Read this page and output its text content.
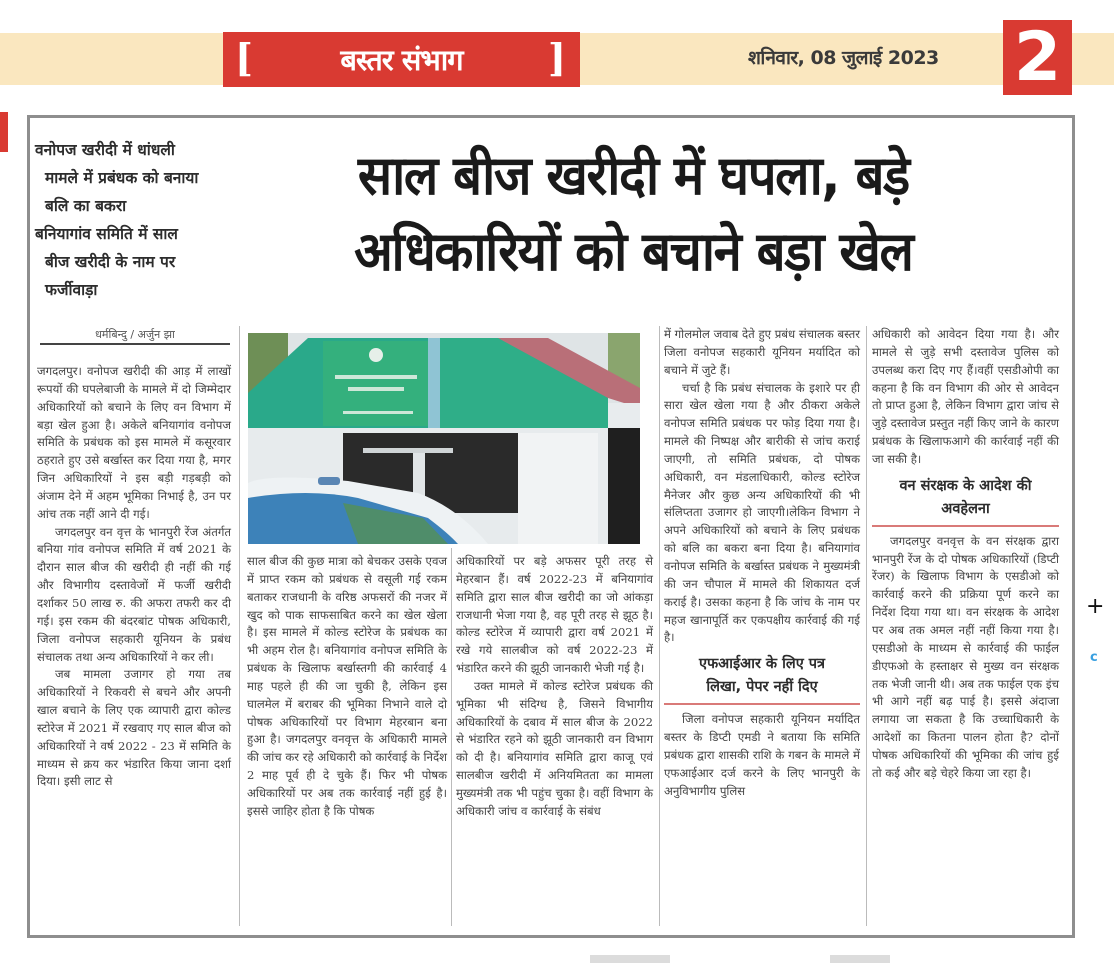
[	बस्तर संभाग	]	शनिवार, 08 जुलाई 2023 2

वनोपज खरीदी में धांधली
मामले में प्रबंधक को बनाया
बलि का बकरा

बनियागांव समिति में साल
बीज खरीदी के नाम पर
फर्जीवाड़ा

साल बीज खरीदी में घपला, बड़े
अधिकारियों को बचाने बड़ा खेल
धर्मबिन्दु / अर्जुन झा

जगदलपुर। वनोपज खरीदी की आड़ में लाखों रूपयों की घपलेबाजी के मामले में दो जिम्मेदार अधिकारियों को बचाने के लिए वन विभाग में बड़ा खेल हुआ है। अकेले बनियागांव वनोपज समिति के प्रबंधक को इस मामले में कसूरवार ठहराते हुए उसे बर्खास्त कर दिया गया है, मगर जिन अधिकारियों ने इस बड़ी गड़बड़ी को अंजाम देने में अहम भूमिका निभाई है, उन पर आंच तक नहीं आने दी गई।

जगदलपुर वन वृत्त के भानपुरी रेंज अंतर्गत बनिया गांव वनोपज समिति में वर्ष 2021 के दौरान साल बीज की खरीदी ही नहीं की गई और विभागीय दस्तावेजों में फर्जी खरीदी दर्शाकर 50 लाख रु. की अफरा तफरी कर दी गई। इस रकम की बंदरबांट पोषक अधिकारी, जिला वनोपज सहकारी यूनियन के प्रबंध संचालक तथा अन्य अधिकारियों ने कर ली।

जब मामला उजागर हो गया तब अधिकारियों ने रिकवरी से बचने और अपनी खाल बचाने के लिए एक व्यापारी द्वारा कोल्ड स्टोरेज में 2021 में रखवाए गए साल बीज को अधिकारियों ने वर्ष 2022 - 23 में समिति के माध्यम से क्रय कर भंडारित किया जाना दर्शा दिया। इसी लाट से

साल बीज की कुछ मात्रा को बेचकर उसके एवज में प्राप्त रकम को प्रबंधक से वसूली गई रकम बताकर राजधानी के वरिष्ठ अफसरों की नजर में खुद को पाक साफसाबित करने का खेल खेला है। इस मामले में कोल्ड स्टोरेज के प्रबंधक का भी अहम रोल है। बनियागांव वनोपज समिति के प्रबंधक के खिलाफ बर्खास्तगी की कार्रवाई 4 माह पहले ही की जा चुकी है, लेकिन इस घालमेल में बराबर की भूमिका निभाने वाले दो पोषक अधिकारियों पर विभाग मेहरबान बना हुआ है। जगदलपुर वनवृत्त के अधिकारी मामले की जांच कर रहे अधिकारी को कार्रवाई के निर्देश 2 माह पूर्व ही दे चुके हैं। फिर भी पोषक अधिकारियों पर अब तक कार्रवाई नहीं हुई है। इससे जाहिर होता है कि पोषक

अधिकारियों पर बड़े अफसर पूरी तरह से मेहरबान हैं। वर्ष 2022-23 में बनियागांव समिति द्वारा साल बीज खरीदी का जो आंकड़ा राजधानी भेजा गया है, वह पूरी तरह से झूठ है। कोल्ड स्टोरेज में व्यापारी द्वारा वर्ष 2021 में रखे गये सालबीज को वर्ष 2022-23 में भंडारित करने की झूठी जानकारी भेजी गई है।

उक्त मामले में कोल्ड स्टोरेज प्रबंधक की भूमिका भी संदिग्ध है, जिसने विभागीय अधिकारियों के दबाव में साल बीज के 2022 से भंडारित रहने को झूठी जानकारी वन विभाग को दी है। बनियागांव समिति द्वारा काजू एवं सालबीज खरीदी में अनियमितता का मामला मुख्यमंत्री तक भी पहुंच चुका है। वहीं विभाग के अधिकारी जांच व कार्रवाई के संबंध

में गोलमोल जवाब देते हुए प्रबंध संचालक बस्तर जिला वनोपज सहकारी यूनियन मर्यादित को बचाने में जुटे हैं।

चर्चा है कि प्रबंध संचालक के इशारे पर ही सारा खेल खेला गया है और ठीकरा अकेले वनोपज समिति प्रबंधक पर फोड़ दिया गया है। मामले की निष्पक्ष और बारीकी से जांच कराई जाएगी, तो समिति प्रबंधक, दो पोषक अधिकारी, वन मंडलाधिकारी, कोल्ड स्टोरेज मैनेजर और कुछ अन्य अधिकारियों की भी संलिप्तता उजागर हो जाएगी।लेकिन विभाग ने अपने अधिकारियों को बचाने के लिए प्रबंधक को बलि का बकरा बना दिया है। बनियागांव वनोपज समिति के बर्खास्त प्रबंधक ने मुख्यमंत्री की जन चौपाल में मामले की शिकायत दर्ज कराई है। उसका कहना है कि जांच के नाम पर महज खानापूर्ति कर एकपक्षीय कार्रवाई की गई है।

एफआईआर के लिए पत्र
लिखा, पेपर नहीं दिए

जिला वनोपज सहकारी यूनियन मर्यादित बस्तर के डिप्टी एमडी ने बताया कि समिति प्रबंधक द्वारा शासकी राशि के गबन के मामले में एफआईआर दर्ज करने के लिए भानपुरी के अनुविभागीय पुलिस

अधिकारी को आवेदन दिया गया है। और मामले से जुड़े सभी दस्तावेज पुलिस को उपलब्ध करा दिए गए हैं।वहीं एसडीओपी का कहना है कि वन विभाग की ओर से आवेदन तो प्राप्त हुआ है, लेकिन विभाग द्वारा जांच से जुड़े दस्तावेज प्रस्तुत नहीं किए जाने के कारण प्रबंधक के खिलाफआगे की कार्रवाई नहीं की जा सकी है।

वन संरक्षक के आदेश की
अवहेलना

जगदलपुर वनवृत्त के वन संरक्षक द्वारा भानपुरी रेंज के दो पोषक अधिकारियों (डिप्टी रेंजर) के खिलाफ विभाग के एसडीओ को कार्रवाई करने की प्रक्रिया पूर्ण करने का निर्देश दिया गया था। वन संरक्षक के आदेश पर अब तक अमल नहीं नहीं किया गया है। एसडीओ के माध्यम से कार्रवाई की फाईल डीएफओ के हस्ताक्षर से मुख्य वन संरक्षक तक भेजी जानी थी। अब तक फाईल एक इंच भी आगे नहीं बढ़ पाई है। इससे अंदाजा लगाया जा सकता है कि उच्चाधिकारी के आदेशों का कितना पालन होता है? दोनों पोषक अधिकारियों की भूमिका की जांच हुई तो कई और बड़े चेहरे किया जा रहा है।

+
c
